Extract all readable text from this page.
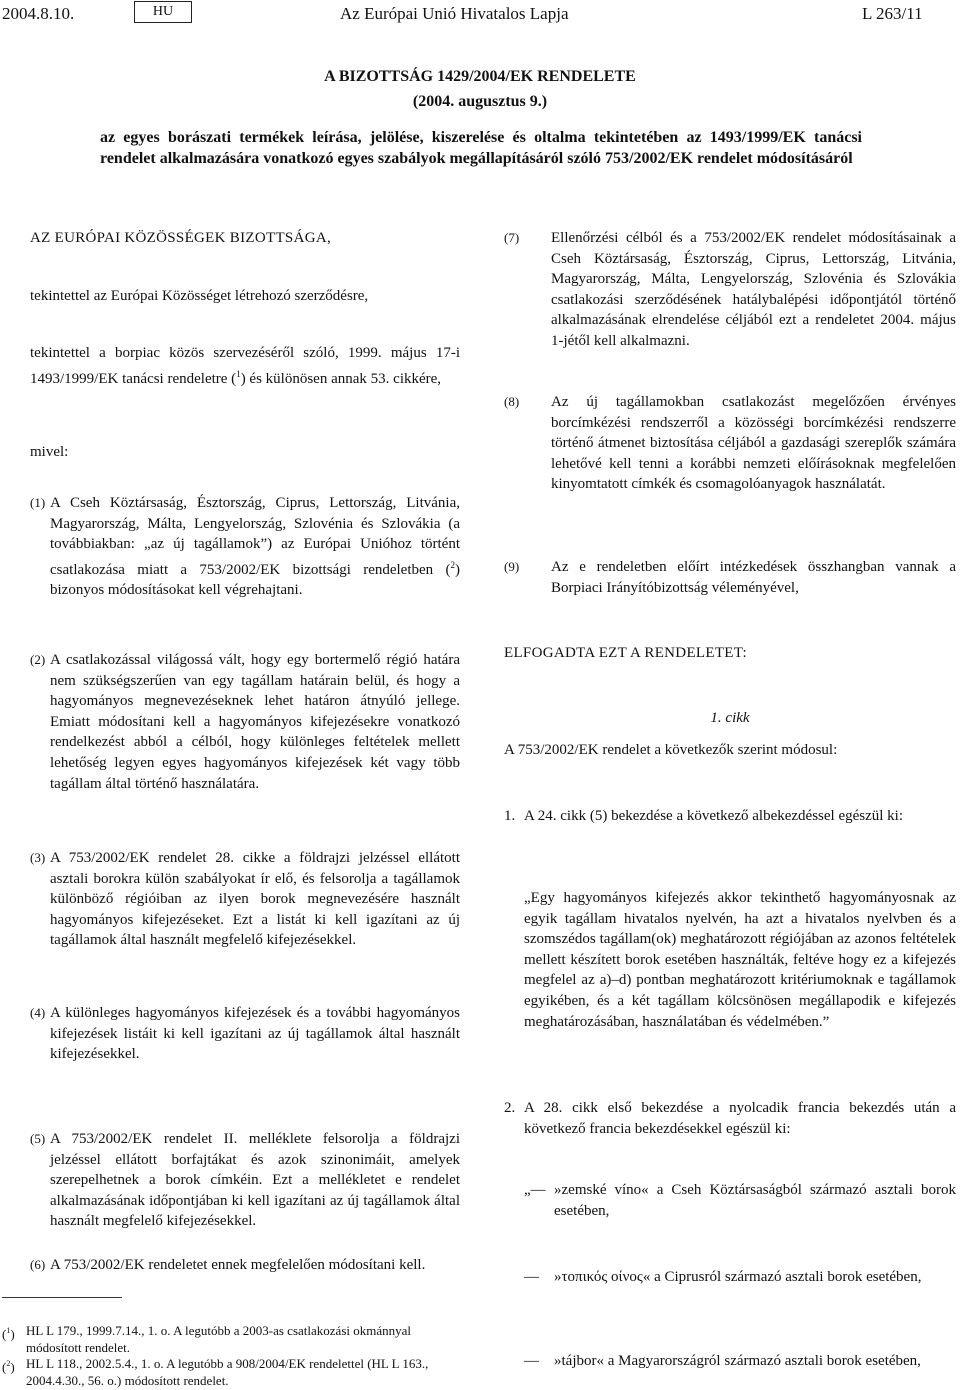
2004.8.10.	HU	Az Európai Unió Hivatalos Lapja	L 263/11
A BIZOTTSÁG 1429/2004/EK RENDELETE
(2004. augusztus 9.)
az egyes borászati termékek leírása, jelölése, kiszerelése és oltalma tekintetében az 1493/1999/EK tanácsi rendelet alkalmazására vonatkozó egyes szabályok megállapításáról szóló 753/2002/EK rendelet módosításáról
AZ EURÓPAI KÖZÖSSÉGEK BIZOTTSÁGA,
tekintettel az Európai Közösséget létrehozó szerződésre,
tekintettel a borpiac közös szervezéséről szóló, 1999. május 17-i 1493/1999/EK tanácsi rendeletre ($^1$) és különösen annak 53. cikkére,
mivel:
(1) A Cseh Köztársaság, Észtország, Ciprus, Lettország, Litvánia, Magyarország, Málta, Lengyelország, Szlovénia és Szlovákia (a továbbiakban: „az új tagállamok”) az Európai Unióhoz történt csatlakozása miatt a 753/2002/EK bizottsági rendeletben ($^2$) bizonyos módosításokat kell végrehajtani.
(2) A csatlakozással világossá vált, hogy egy bortermelő régió határa nem szükségszerűen van egy tagállam határain belül, és hogy a hagyományos megnevezéseknek lehet határon átnyúló jellege. Emiatt módosítani kell a hagyományos kifejezésekre vonatkozó rendelkezést abból a célból, hogy különleges feltételek mellett lehetőség legyen egyes hagyományos kifejezések két vagy több tagállam által történő használatára.
(3) A 753/2002/EK rendelet 28. cikke a földrajzi jelzéssel ellátott asztali borokra külön szabályokat ír elő, és felsorolja a tagállamok különböző régióiban az ilyen borok megnevezésére használt hagyományos kifejezéseket. Ezt a listát ki kell igazítani az új tagállamok által használt megfelelő kifejezésekkel.
(4) A különleges hagyományos kifejezések és a további hagyományos kifejezések listáit ki kell igazítani az új tagállamok által használt kifejezésekkel.
(5) A 753/2002/EK rendelet II. melléklete felsorolja a földrajzi jelzéssel ellátott borfajtákat és azok szinonimáit, amelyek szerepelhetnek a borok címkéin. Ezt a mellékletet e rendelet alkalmazásának időpontjában ki kell igazítani az új tagállamok által használt megfelelő kifejezésekkel.
(6) A 753/2002/EK rendeletet ennek megfelelően módosítani kell.
($^1$) HL L 179., 1999.7.14., 1. o. A legutóbb a 2003-as csatlakozási okmánnyal módosított rendelet.
($^2$) HL L 118., 2002.5.4., 1. o. A legutóbb a 908/2004/EK rendelettel (HL L 163., 2004.4.30., 56. o.) módosított rendelet.
(7) Ellenőrzési célból és a 753/2002/EK rendelet módosításainak a Cseh Köztársaság, Észtország, Ciprus, Lettország, Litvánia, Magyarország, Málta, Lengyelország, Szlovénia és Szlovákia csatlakozási szerződésének hatálybalépési időpontjától történő alkalmazásának elrendelése céljából ezt a rendeletet 2004. május 1-jétől kell alkalmazni.
(8) Az új tagállamokban csatlakozást megelőzően érvényes borcímkézési rendszerről a közösségi borcímkézési rendszerre történő átmenet biztosítása céljából a gazdasági szereplők számára lehetővé kell tenni a korábbi nemzeti előírásoknak megfelelően kinyomtatott címkék és csomagolóanyagok használatát.
(9) Az e rendeletben előírt intézkedések összhangban vannak a Borpiaci Irányítóbizottság véleményével,
ELFOGADTA EZT A RENDELETET:
1. cikk
A 753/2002/EK rendelet a következők szerint módosul:
1. A 24. cikk (5) bekezdése a következő albekezdéssel egészül ki:
„Egy hagyományos kifejezés akkor tekinthető hagyományosnak az egyik tagállam hivatalos nyelvén, ha azt a hivatalos nyelvben és a szomszédos tagállam(ok) meghatározott régiójában az azonos feltételek mellett készített borok esetében használták, feltéve hogy ez a kifejezés megfelel az a)–d) pontban meghatározott kritériumoknak e tagállamok egyikében, és a két tagállam kölcsönösen megállapodik e kifejezés meghatározásában, használatában és védelmében.”
2. A 28. cikk első bekezdése a nyolcadik francia bekezdés után a következő francia bekezdésekkel egészül ki:
„— »zemské víno« a Cseh Köztársaságból származó asztali borok esetében,
— »τοπικός οίνος« a Ciprusról származó asztali borok esetében,
— »tájbor« a Magyarországról származó asztali borok esetében,
